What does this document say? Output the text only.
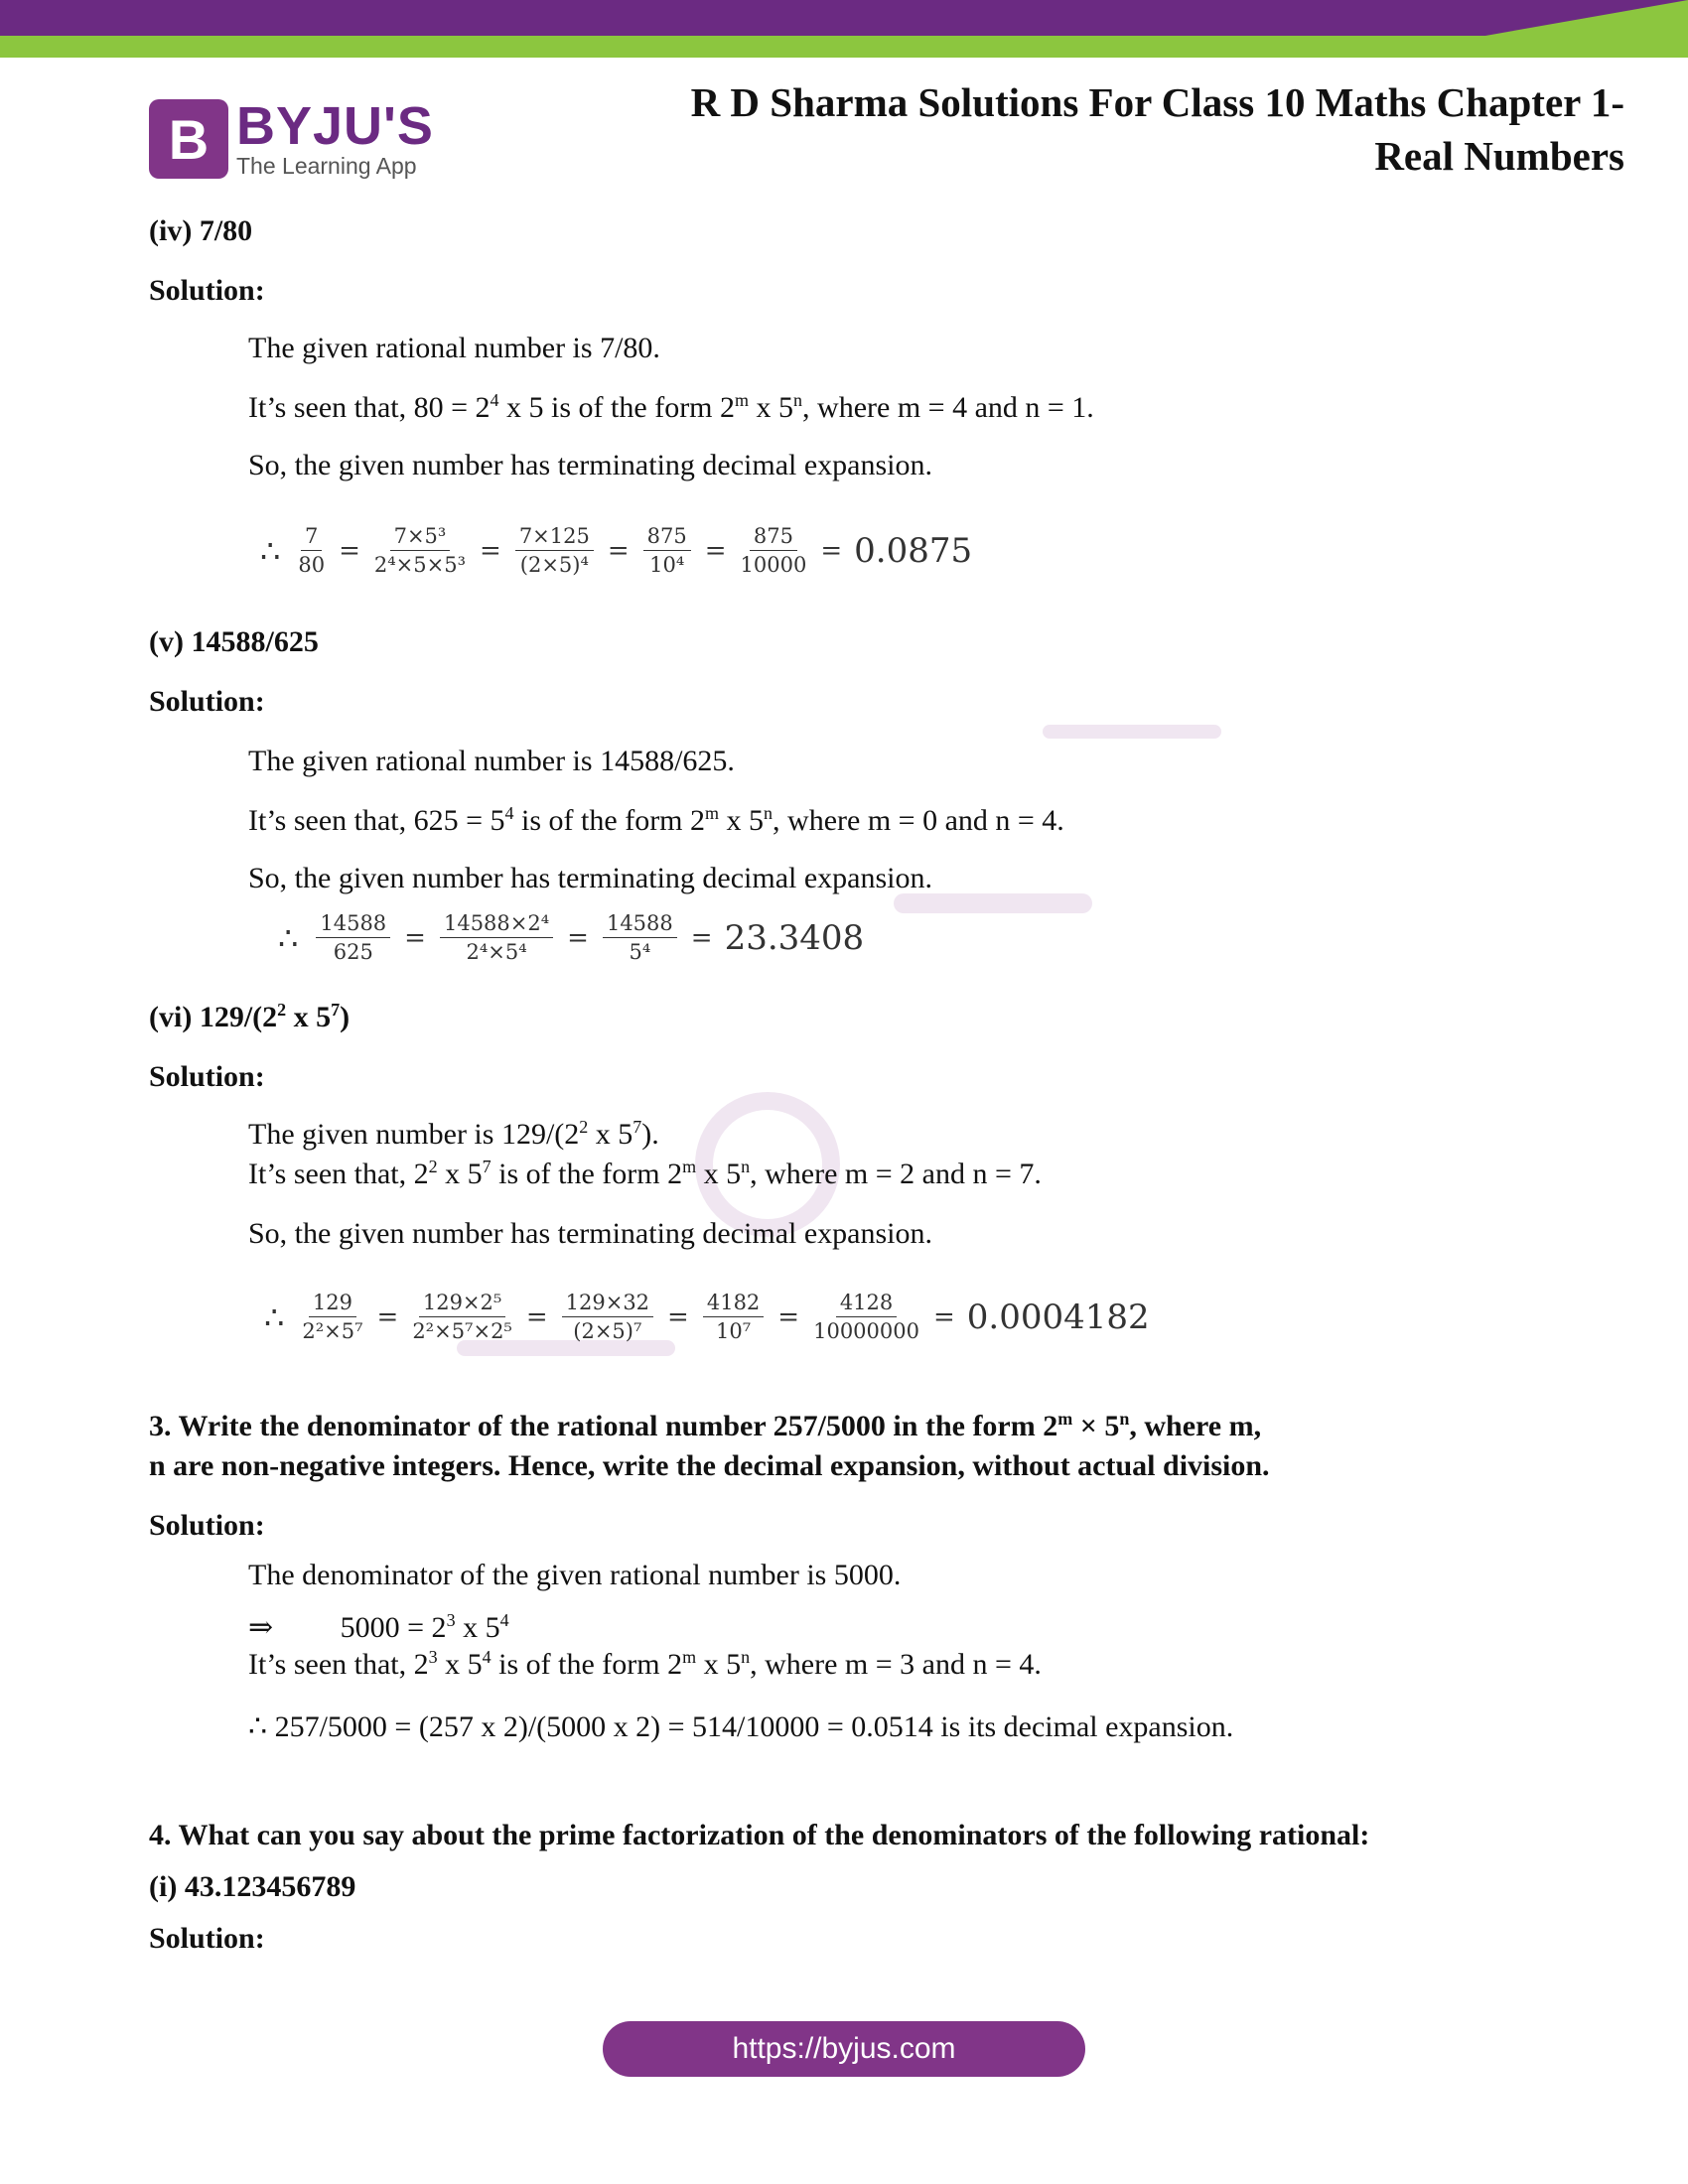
B BYJU'S
The Learning App
R D Sharma Solutions For Class 10 Maths Chapter 1-
Real Numbers
(iv) 7/80
Solution:
The given rational number is 7/80.
It’s seen that, $80 = 2^4$ x 5 is of the form 2$^m$ x 5$^n$, where m = 4 and n = 1.
So, the given number has terminating decimal expansion.
∴ $\frac{7}{80} = \frac{\text{7×5³}}{\text{2⁴×5×5³}} = \frac{7\times 125}{\text{(2×5)⁴}} = \frac{875}{\text{10⁴}} = \frac{875}{10000} = 0.0875$
(v) 14588/625
Solution:
The given rational number is 14588/625.
It’s seen that, $625 = 5^4$ is of the form 2$^m$ x 5$^n$, where m = 0 and n = 4.
So, the given number has terminating decimal expansion.
∴ $\frac{14588}{625} = \frac{\text{14588×2⁴}}{\text{2⁴×5⁴}} = \frac{14588}{\text{5⁴}} = 23.3408$
(vi) $129/(2^2$ x $5^7$)
Solution:
The given number is $129/(2^2$ x $5^7$).
It’s seen that, $2^2$ x $5^7$ is of the form 2$^m$ x 5$^n$, where m = 2 and n = 7.
So, the given number has terminating decimal expansion.
∴ $\frac{129}{\text{2²×5⁷}} = \frac{\text{129×2⁵}}{\text{2²×5⁷×2⁵}} = \frac{129\times 32}{\text{(2×5)⁷}} = \frac{4182}{\text{10⁷}} = \frac{4128}{10000000} = 0.0004182$
3. Write the denominator of the rational number 257/5000 in the form $2^m \times 5^n$, where m,
n are non-negative integers. Hence, write the decimal expansion, without actual division.
Solution:
The denominator of the given rational number is 5000.
⇒ $5000 = 2^3$ x $5^4$
It’s seen that, $2^3$ x $5^4$ is of the form 2$^m$ x 5$^n$, where m = 3 and n = 4.
∴ 257/5000 = (257 x 2)/(5000 x 2) = 514/10000 = 0.0514 is its decimal expansion.
4. What can you say about the prime factorization of the denominators of the following rational:
(i) 43.123456789
Solution:
https://byjus.com
